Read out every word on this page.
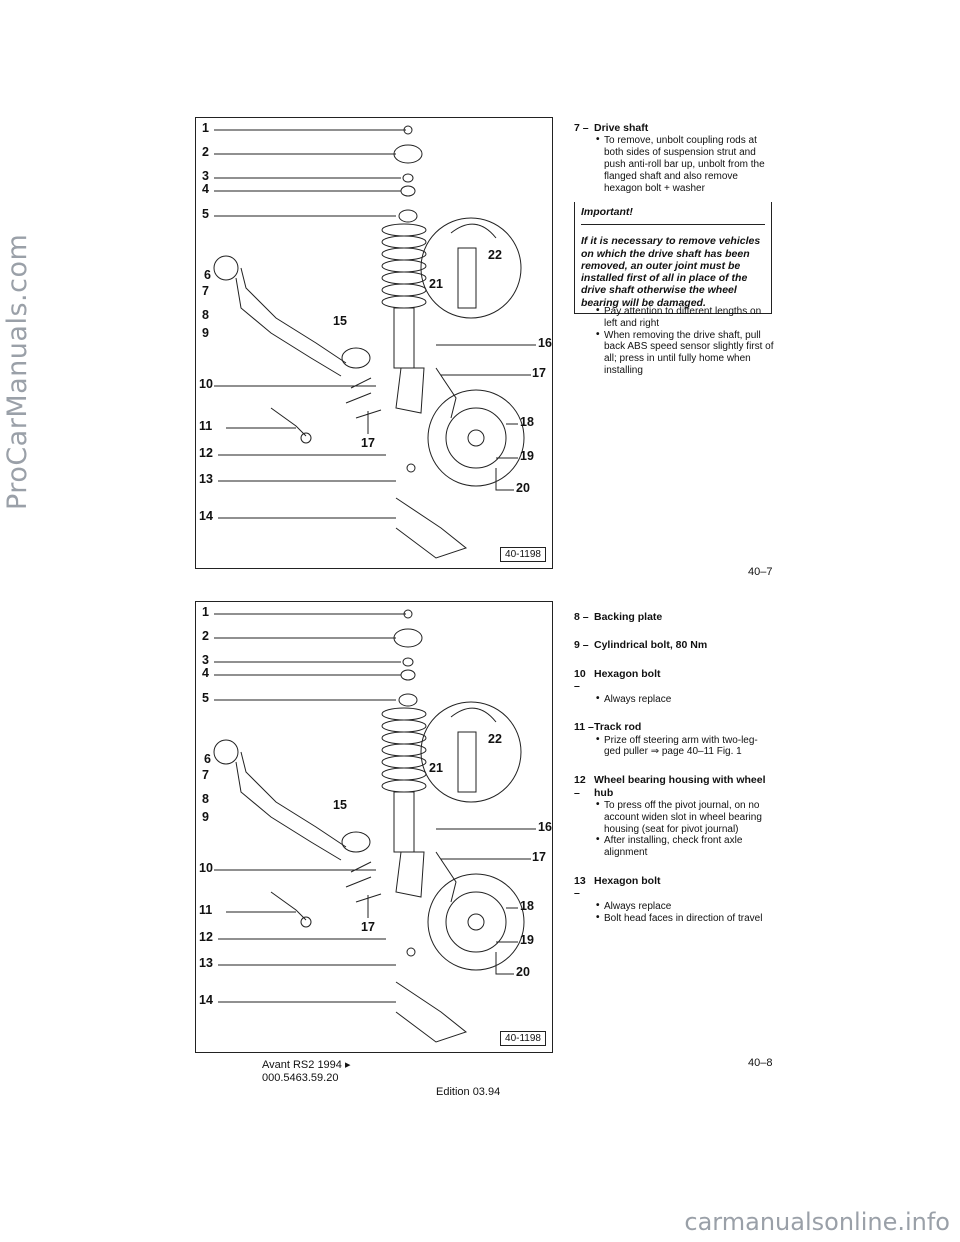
ProCarManuals.com
1
2
3
4
5
6
7
8
9
10
11
12
13
14
15
16
17
17
18
19
20
21
22
40-1198
7 – Drive shaft
• To remove, unbolt coupling rods at both sides of suspension strut and push anti-roll bar up, unbolt from the flanged shaft and also remove hexagon bolt + washer
Important!
If it is necessary to remove vehicles on which the drive shaft has been removed, an outer joint must be installed first of all in place of the drive shaft otherwise the wheel bearing will be damaged.
• Pay attention to different lengths on left and right
• When removing the drive shaft, pull back ABS speed sensor slightly first of all; press in until fully home when installing
40–7
1
2
3
4
5
6
7
8
9
10
11
12
13
14
15
16
17
17
18
19
20
21
22
40-1198
8 – Backing plate
9 – Cylindrical bolt, 80 Nm
10 –
Hexagon bolt
• Always replace
11 – Track rod
• Prize off steering arm with two-leg-ged puller ⇒ page 40–11 Fig. 1
12 –
Wheel bearing housing with wheel hub
• To press off the pivot journal, on no account widen slot in wheel bearing housing (seat for pivot journal)
• After installing, check front axle alignment
13 –
Hexagon bolt
• Always replace
• Bolt head faces in direction of travel
40–8
Avant RS2 1994 ▸
000.5463.59.20
Edition 03.94
carmanualsonline.info
